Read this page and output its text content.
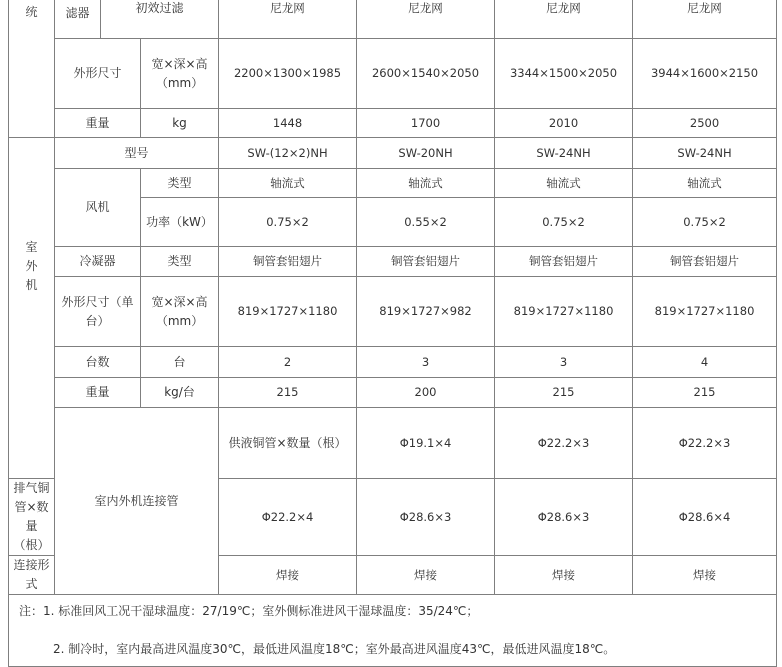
统	滤器	初效过滤		尼龙网	尼龙网	尼龙网	尼龙网	
	外形尺寸		宽×深×高（mm）	2200×1300×1985	2600×1540×2050	3344×1500×2050	3944×1600×2150	
	重量		kg	1448	1700	2010	2500	

室外机	型号			SW-(12×2)NH	SW-20NH	SW-24NH	SW-24NH	
	风机		类型	轴流式	轴流式	轴流式	轴流式	
			功率（kW）	0.75×2	0.55×2	0.75×2	0.75×2	
	冷凝器		类型	铜管套铝翅片	铜管套铝翅片	铜管套铝翅片	铜管套铝翅片	
	外形尺寸（单台）		宽×深×高（mm）	819×1727×1180	819×1727×982	819×1727×1180	819×1727×1180	
	台数		台	2	3	3	4	
	重量		kg/台	215	200	215	215	
	室内外机连接管			供液铜管×数量（根）	Φ19.1×4	Φ22.2×3	Φ22.2×3	
排气铜管×数量（根）				Φ22.2×4	Φ28.6×3	Φ28.6×3	Φ28.6×4	
连接形式				焊接	焊接	焊接	焊接	

注：1. 标准回风工况干湿球温度：27/19℃；室外侧标准进风干湿球温度：35/24℃；
2. 制冷时，室内最高进风温度30℃，最低进风温度18℃；室外最高进风温度43℃，最低进风温度18℃。								
